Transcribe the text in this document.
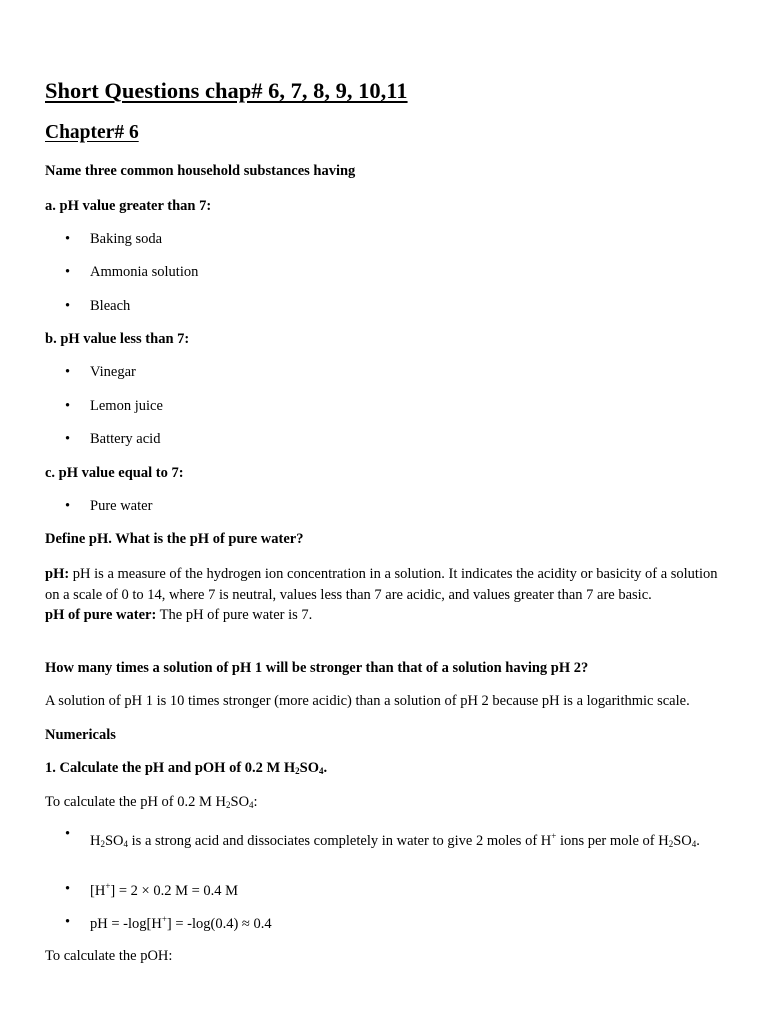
Short Questions chap# 6, 7, 8, 9, 10,11
Chapter# 6

Name three common household substances having

a. pH value greater than 7:

• Baking soda
• Ammonia solution
• Bleach

b. pH value less than 7:

• Vinegar
• Lemon juice
• Battery acid

c. pH value equal to 7:

• Pure water

Define pH. What is the pH of pure water?

pH: pH is a measure of the hydrogen ion concentration in a solution. It indicates the acidity or basicity of a solution on a scale of 0 to 14, where 7 is neutral, values less than 7 are acidic, and values greater than 7 are basic.
pH of pure water: The pH of pure water is 7.

How many times a solution of pH 1 will be stronger than that of a solution having pH 2?

A solution of pH 1 is 10 times stronger (more acidic) than a solution of pH 2 because pH is a logarithmic scale.

Numericals

1. Calculate the pH and pOH of 0.2 M $H_2SO_4$.

To calculate the pH of 0.2 M $H_2SO_4$:

• $H_2SO_4$ is a strong acid and dissociates completely in water to give 2 moles of H+ ions per mole of $H_2SO_4$.
• [H+] = 2 × 0.2 M = 0.4 M
• pH = -log[H+] = -log(0.4) ≈ 0.4

To calculate the pOH:
